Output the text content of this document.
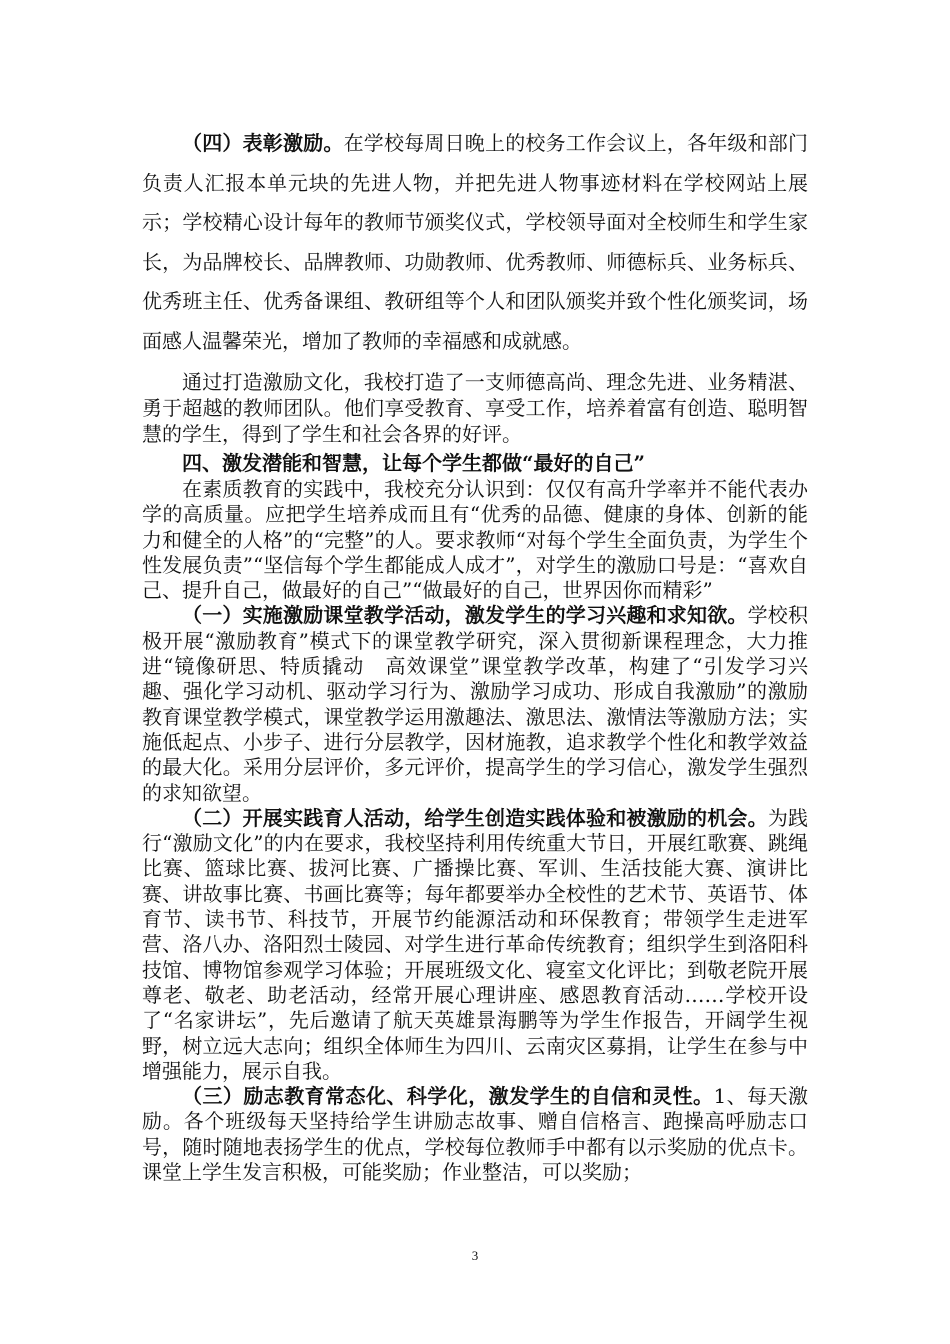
（四）表彰激励。在学校每周日晚上的校务工作会议上，各年级和部门负责人汇报本单元块的先进人物，并把先进人物事迹材料在学校网站上展示；学校精心设计每年的教师节颁奖仪式，学校领导面对全校师生和学生家长，为品牌校长、品牌教师、功勋教师、优秀教师、师德标兵、业务标兵、优秀班主任、优秀备课组、教研组等个人和团队颁奖并致个性化颁奖词，场面感人温馨荣光，增加了教师的幸福感和成就感。

通过打造激励文化，我校打造了一支师德高尚、理念先进、业务精湛、勇于超越的教师团队。他们享受教育、享受工作，培养着富有创造、聪明智慧的学生，得到了学生和社会各界的好评。

四、激发潜能和智慧，让每个学生都做“最好的自己”

在素质教育的实践中，我校充分认识到：仅仅有高升学率并不能代表办学的高质量。应把学生培养成而且有“优秀的品德、健康的身体、创新的能力和健全的人格”的“完整”的人。要求教师“对每个学生全面负责，为学生个性发展负责”“坚信每个学生都能成人成才”，对学生的激励口号是：“喜欢自己、提升自己，做最好的自己”“做最好的自己，世界因你而精彩”

（一）实施激励课堂教学活动，激发学生的学习兴趣和求知欲。学校积极开展“激励教育”模式下的课堂教学研究，深入贯彻新课程理念，大力推进“镜像研思、特质撬动　高效课堂”课堂教学改革，构建了“引发学习兴趣、强化学习动机、驱动学习行为、激励学习成功、形成自我激励”的激励教育课堂教学模式，课堂教学运用激趣法、激思法、激情法等激励方法；实施低起点、小步子、进行分层教学，因材施教，追求教学个性化和教学效益的最大化。采用分层评价，多元评价，提高学生的学习信心，激发学生强烈的求知欲望。

（二）开展实践育人活动，给学生创造实践体验和被激励的机会。为践行“激励文化”的内在要求，我校坚持利用传统重大节日，开展红歌赛、跳绳比赛、篮球比赛、拔河比赛、广播操比赛、军训、生活技能大赛、演讲比赛、讲故事比赛、书画比赛等；每年都要举办全校性的艺术节、英语节、体育节、读书节、科技节，开展节约能源活动和环保教育；带领学生走进军营、洛八办、洛阳烈士陵园、对学生进行革命传统教育；组织学生到洛阳科技馆、博物馆参观学习体验；开展班级文化、寝室文化评比；到敬老院开展尊老、敬老、助老活动，经常开展心理讲座、感恩教育活动……学校开设了“名家讲坛”，先后邀请了航天英雄景海鹏等为学生作报告，开阔学生视野，树立远大志向；组织全体师生为四川、云南灾区募捐，让学生在参与中增强能力，展示自我。

（三）励志教育常态化、科学化，激发学生的自信和灵性。1、每天激励。各个班级每天坚持给学生讲励志故事、赠自信格言、跑操高呼励志口号，随时随地表扬学生的优点，学校每位教师手中都有以示奖励的优点卡。课堂上学生发言积极，可能奖励；作业整洁，可以奖励；

3
